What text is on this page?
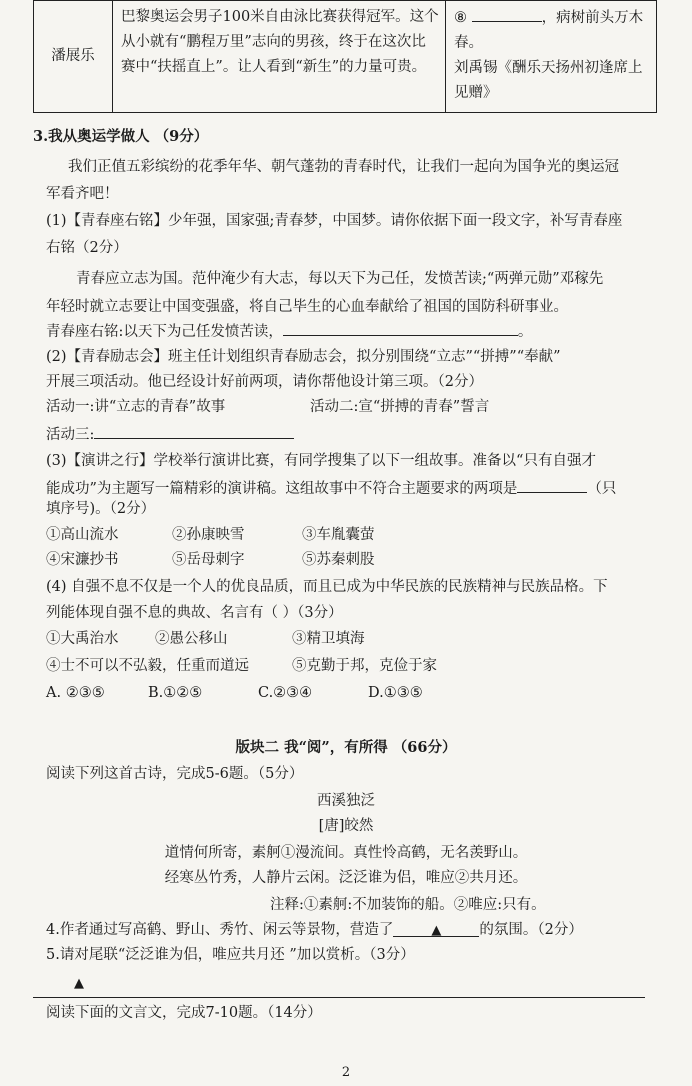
潘展乐	巴黎奥运会男子100米自由泳比赛获得冠军。这个从小就有“鹏程万里”志向的男孩，终于在这次比赛中“扶摇直上”。让人看到“新生”的力量可贵。	⑧	，病树前头万木春。
刘禹锡《酬乐天扬州初逢席上见赠》
3.我从奥运学做人 （9分）
我们正值五彩缤纷的花季年华、朝气蓬勃的青春时代，让我们一起向为国争光的奥运冠
军看齐吧！
(1)【青春座右铭】少年强，国家强;青春梦，中国梦。请你依据下面一段文字，补写青春座
右铭（2分）
青春应立志为国。范仲淹少有大志，每以天下为己任，发愤苦读;“两弹元勋”邓稼先
年轻时就立志要让中国变强盛，将自己毕生的心血奉献给了祖国的国防科研事业。
青春座右铭:以天下为己任发愤苦读，	。
(2)【青春励志会】班主任计划组织青春励志会，拟分别围绕“立志”“拼搏”“奉献”
开展三项活动。他已经设计好前两项，请你帮他设计第三项。（2分）
活动一:讲“立志的青春”故事	活动二:宣“拼搏的青春”誓言
活动三:
(3)【演讲之行】学校举行演讲比赛，有同学搜集了以下一组故事。准备以“只有自强才
能成功”为主题写一篇精彩的演讲稿。这组故事中不符合主题要求的两项是	（只
填序号)。（2分）
①高山流水	②孙康映雪	③车胤囊萤
④宋濂抄书	⑤岳母刺字	⑤苏秦刺股
(4) 自强不息不仅是一个人的优良品质，而且已成为中华民族的民族精神与民族品格。下
列能体现自强不息的典故、名言有（ ）（3分）
①大禹治水	②愚公移山	③精卫填海
④士不可以不弘毅，任重而道远	⑤克勤于邦，克俭于家
A. ②③⑤	B.①②⑤	C.②③④	D.①③⑤
版块二 我“阅”，有所得 （66分）
阅读下列这首古诗，完成5-6题。（5分）
西溪独泛
[唐]皎然
道情何所寄，素舸①漫流间。真性怜高鹤，无名羡野山。
经寒丛竹秀，人静片云闲。泛泛谁为侣，唯应②共月还。
注释:①素舸:不加装饰的船。②唯应:只有。
4.作者通过写高鹤、野山、秀竹、闲云等景物，营造了	▲	的氛围。（2分）
5.请对尾联“泛泛谁为侣，唯应共月还 ”加以赏析。（3分）
▲
阅读下面的文言文，完成7-10题。（14分）
2
